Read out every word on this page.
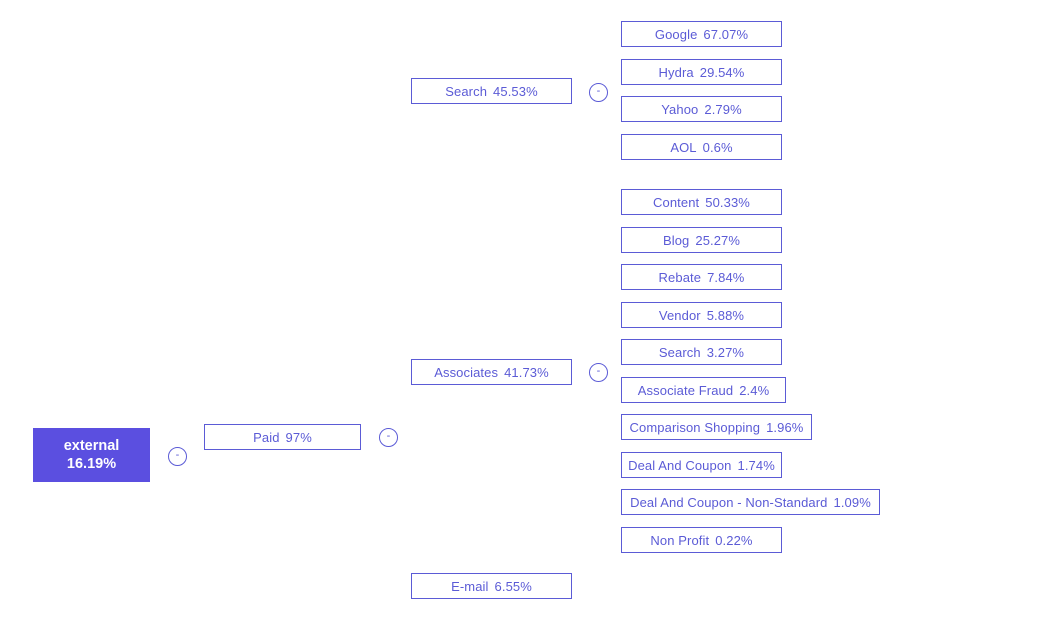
external
16.19%
-
Paid 97%	-
E-mail 6.55%
Search 45.53%	-
Associates 41.73%	-
Google 67.07%
Hydra 29.54%
Yahoo 2.79%
AOL 0.6%
Content 50.33%
Blog 25.27%
Rebate 7.84%
Vendor 5.88%
Search 3.27%
Associate Fraud 2.4%
Comparison Shopping 1.96%
Deal And Coupon 1.74%
Deal And Coupon - Non-Standard 1.09%
Non Profit 0.22%
